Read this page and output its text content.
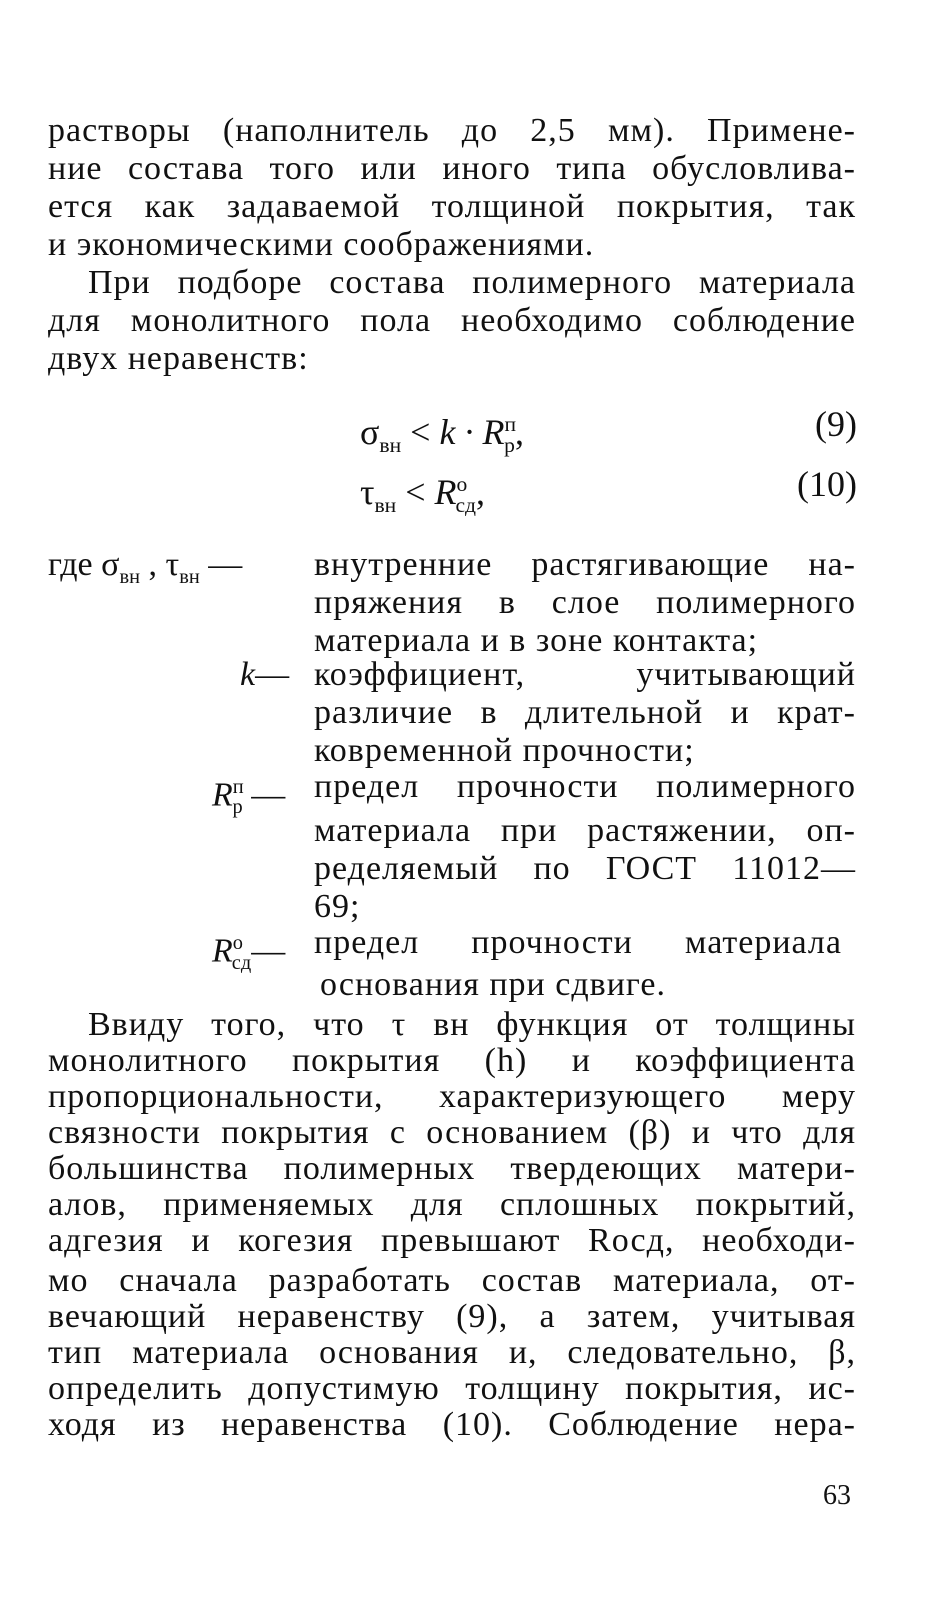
растворы (наполнитель до 2,5 мм). Примене-
ние состава того или иного типа обусловлива-
ется как задаваемой толщиной покрытия, так
и экономическими соображениями.
При подборе состава полимерного материала
для монолитного пола необходимо соблюдение
двух неравенств:
$\sigma_{вн} < k \cdot R^п_р$,	(9)
$\tau_{вн} < R^о_{сд}$,	(10)
где $\sigma_{вн}$ , $\tau_{вн}$ — внутренние растягивающие на-
пряжения в слое полимерного
материала и в зоне контакта;
k— коэффициент, учитывающий
различие в длительной и крат-
ковременной прочности;
$R^п_р$ — предел прочности полимерного
материала при растяжении, оп-
ределяемый по ГОСТ 11012—
69;
$R^о_{сд}—$ предел прочности материала
основания при сдвиге.
Ввиду того, что τ вн функция от толщины
монолитного покрытия (h) и коэффициента
пропорциональности, характеризующего меру
связности покрытия с основанием (β) и что для
большинства полимерных твердеющих матери-
алов, применяемых для сплошных покрытий,
адгезия и когезия превышают Rосд, необходи-
мо сначала разработать состав материала, от-
вечающий неравенству (9), а затем, учитывая
тип материала основания и, следовательно, β,
определить допустимую толщину покрытия, ис-
ходя из неравенства (10). Соблюдение нера-
63
